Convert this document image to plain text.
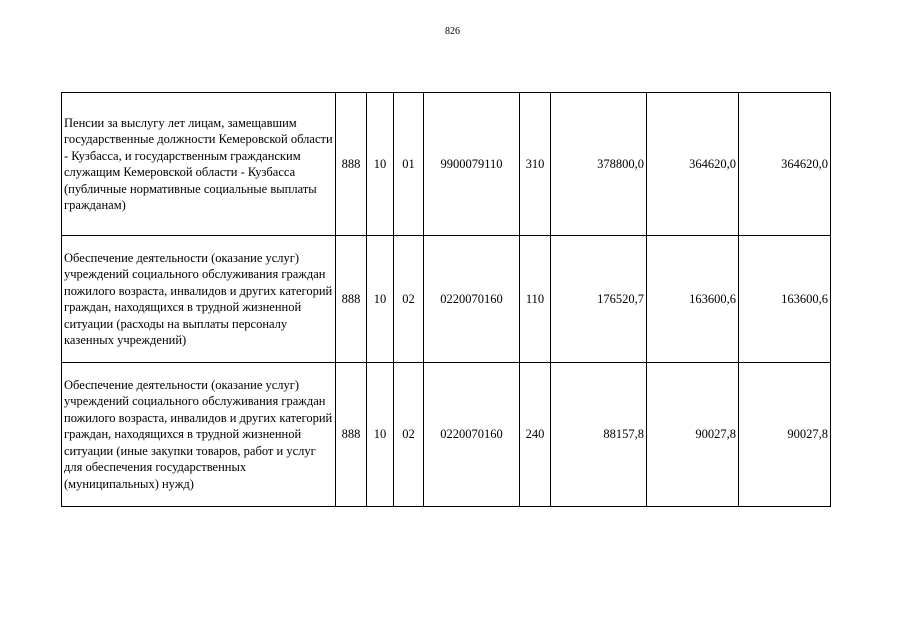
826
Пенсии за выслугу лет лицам, замещавшим государственные должности Кемеровской области - Кузбасса, и государственным гражданским служащим Кемеровской области - Кузбасса (публичные нормативные социальные выплаты гражданам)	888	10	01	9900079110	310	378800,0	364620,0	364620,0
Обеспечение деятельности (оказание услуг) учреждений социального обслуживания граждан пожилого возраста, инвалидов и других категорий граждан, находящихся в трудной жизненной ситуации (расходы на выплаты персоналу казенных учреждений)	888	10	02	0220070160	110	176520,7	163600,6	163600,6
Обеспечение деятельности (оказание услуг) учреждений социального обслуживания граждан пожилого возраста, инвалидов и других категорий граждан, находящихся в трудной жизненной ситуации (иные закупки товаров, работ и услуг для обеспечения государственных (муниципальных) нужд)	888	10	02	0220070160	240	88157,8	90027,8	90027,8
